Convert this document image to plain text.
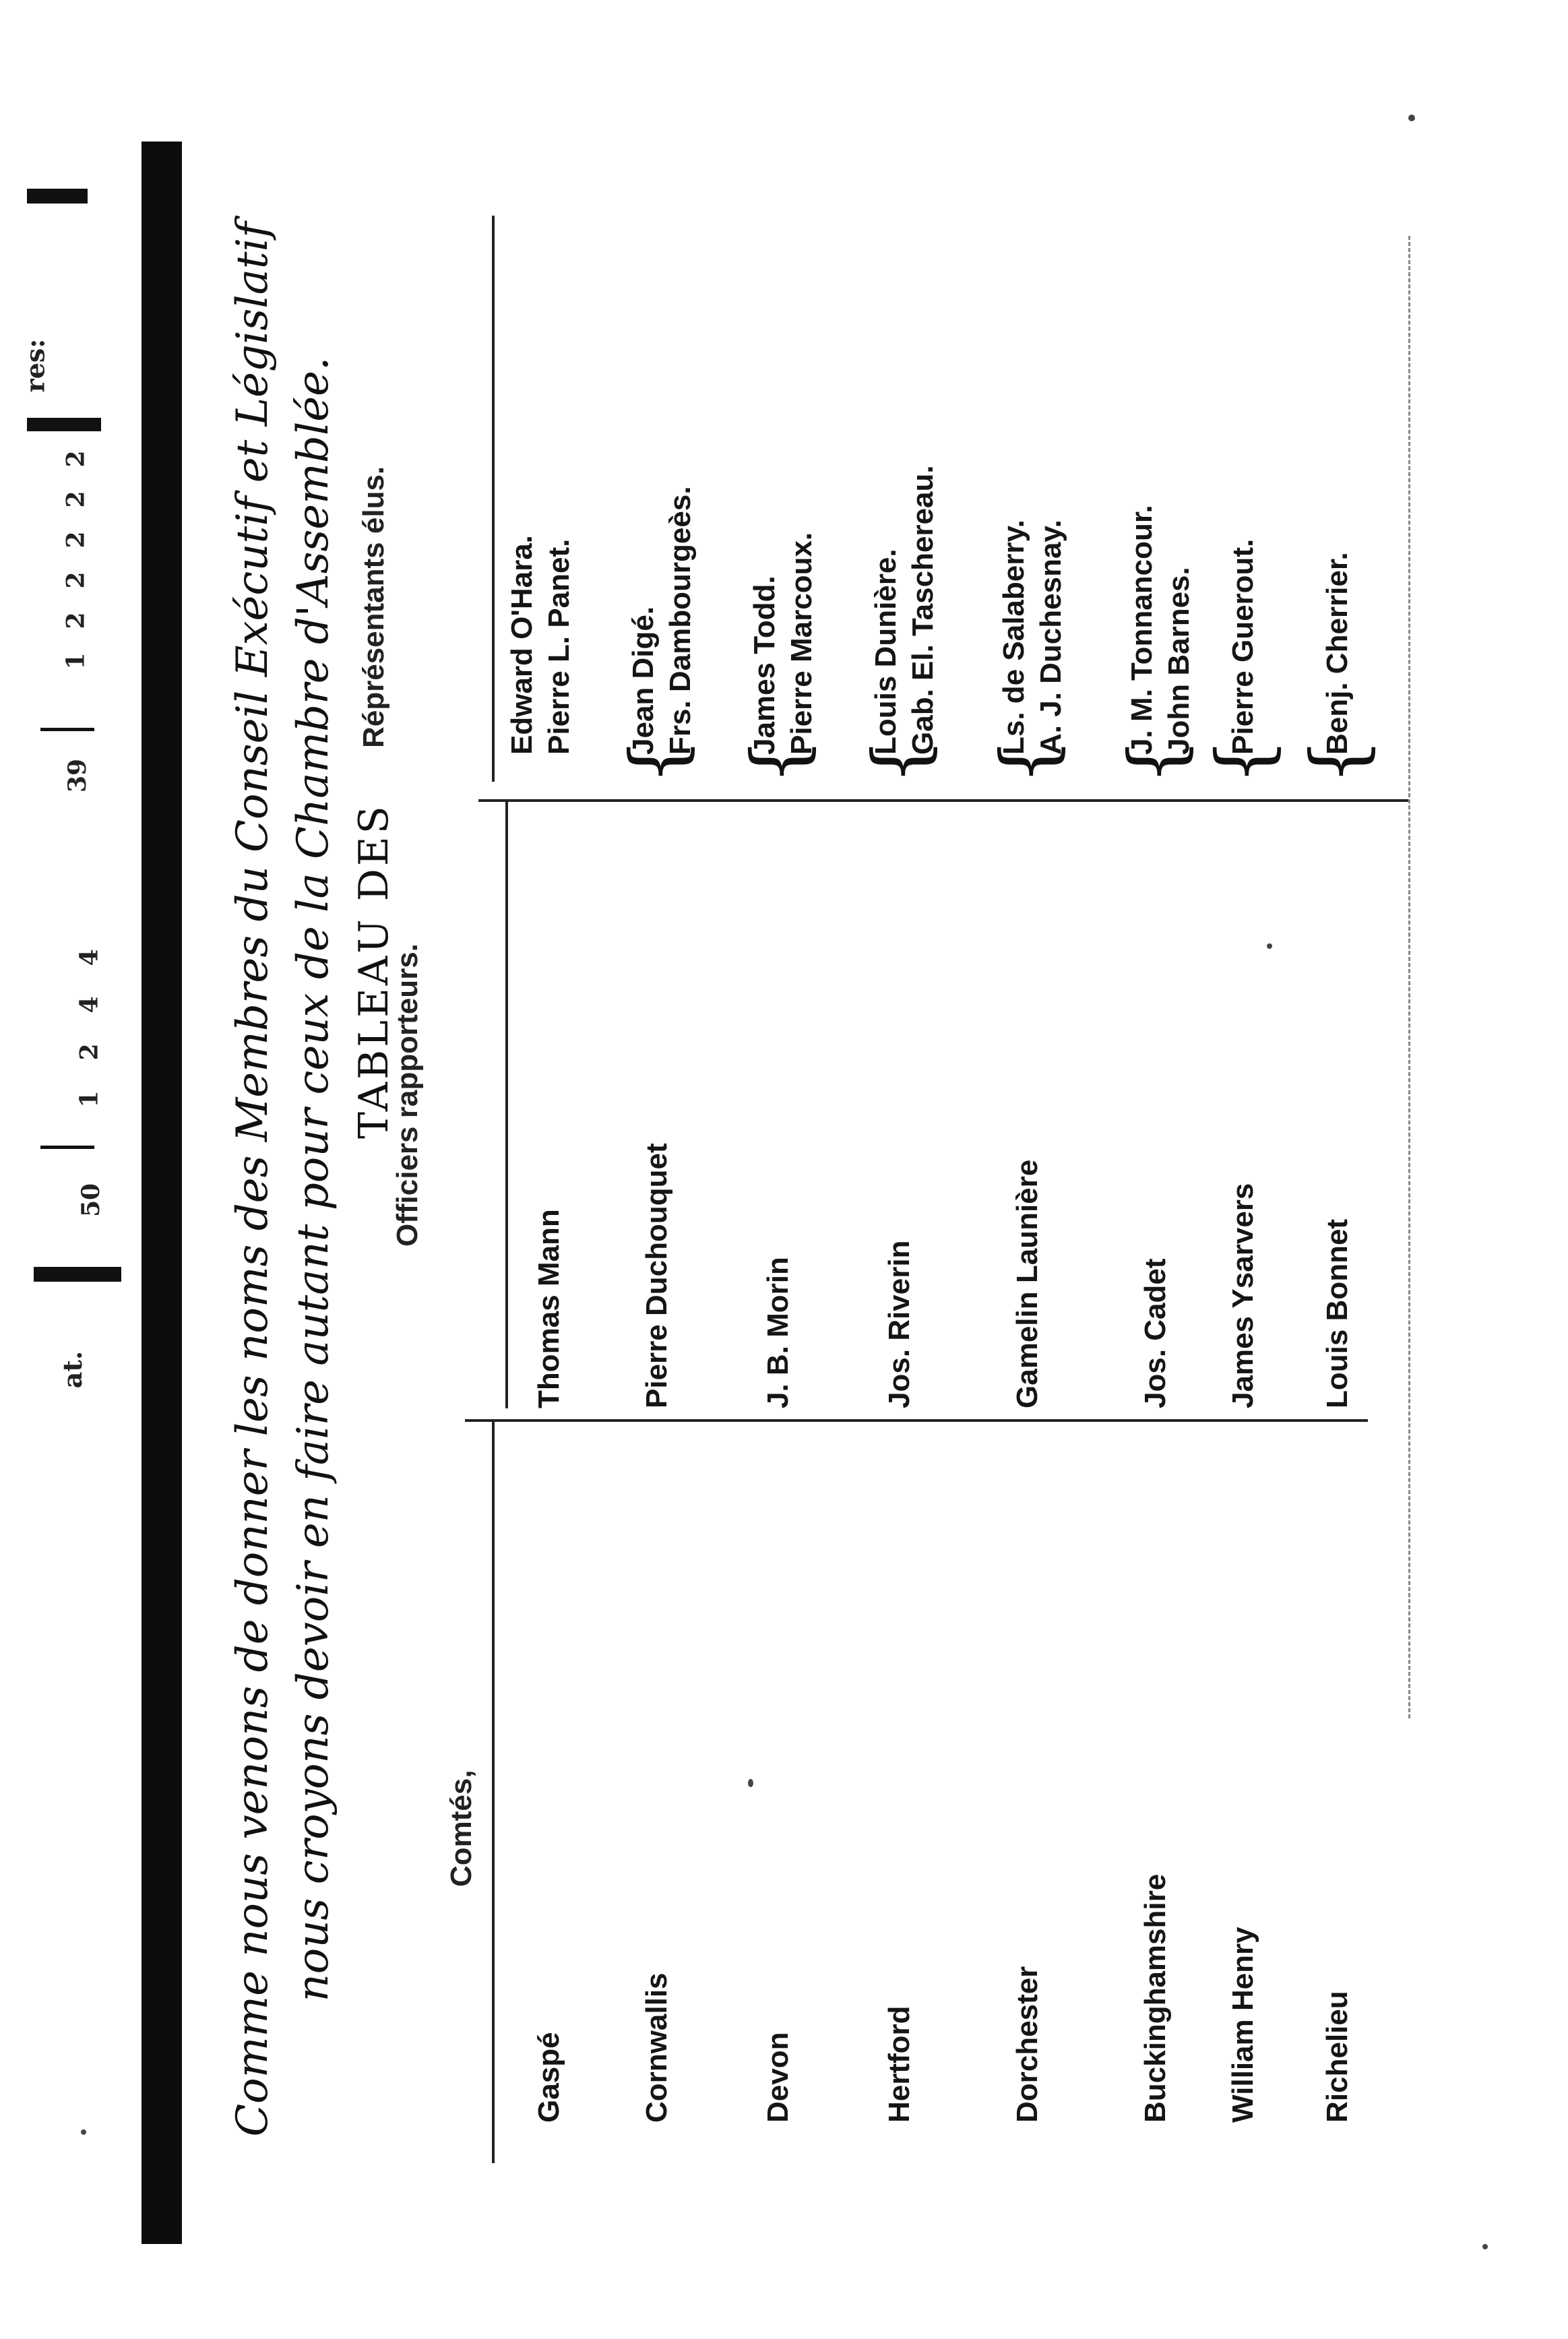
res:
2
2
2
2
2
1
39
4
4
2
1
50
at.	Comme nous venons de donner les noms des Membres du Conseil Exécutif et Législatif nous croyons devoir en faire autant pour ceux de la Chambre d'Assemblée. TABLEAU DES
Comtés,
Officiers rapporteurs.
Réprésentants élus.
Gaspé
Thomas Mann
Edward O'Hara. Pierre L. Panet.
Cornwallis
Pierre Duchouquet
{
Jean Digé. Frs. Dambourgeès.
Devon
J. B. Morin
{
James Todd. Pierre Marcoux.
Hertford
Jos. Riverin
{
Louis Dunière. Gab. El. Taschereau.
Dorchester
Gamelin Launière
{
Ls. de Salaberry. A. J. Duchesnay.
Buckinghamshire
Jos. Cadet
{
J. M. Tonnancour. John Barnes.
William Henry
James Ysarvers
{
Pierre Guerout.
Richelieu
Louis Bonnet
{
Benj. Cherrier.
